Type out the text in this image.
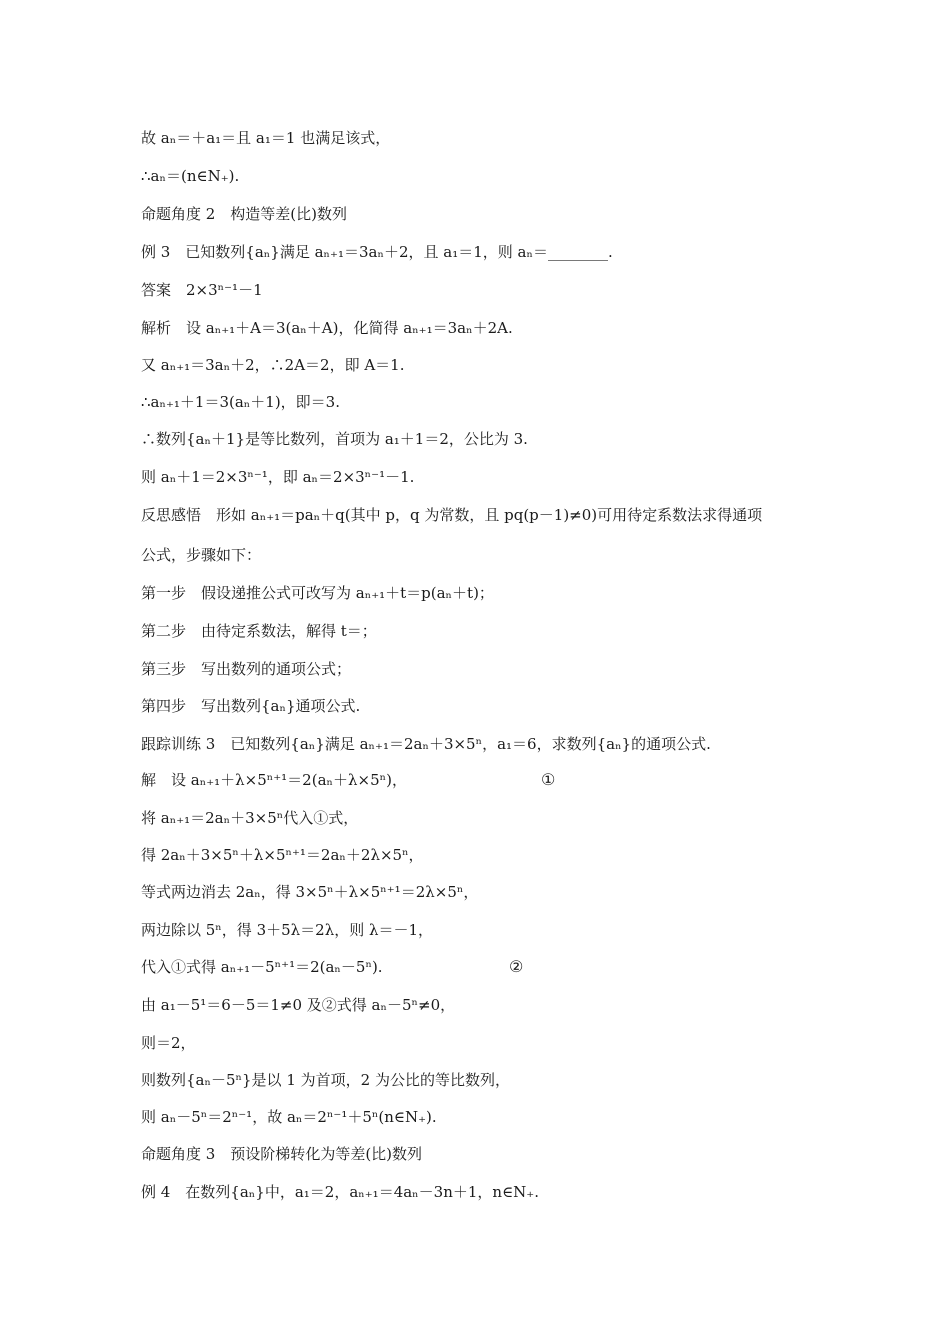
故 aₙ＝＋a₁＝且 a₁＝1 也满足该式，
∴aₙ＝(n∈N₊).
命题角度 2　构造等差(比)数列
例 3　已知数列{aₙ}满足 aₙ₊₁＝3aₙ＋2，且 a₁＝1，则 aₙ＝________.
答案　2×3ⁿ⁻¹－1
解析　设 aₙ₊₁＋A＝3(aₙ＋A)，化简得 aₙ₊₁＝3aₙ＋2A.
又 aₙ₊₁＝3aₙ＋2，∴2A＝2，即 A＝1.
∴aₙ₊₁＋1＝3(aₙ＋1)，即＝3.
∴数列{aₙ＋1}是等比数列，首项为 a₁＋1＝2，公比为 3.
则 aₙ＋1＝2×3ⁿ⁻¹，即 aₙ＝2×3ⁿ⁻¹－1.
反思感悟　形如 aₙ₊₁＝paₙ＋q(其中 p，q 为常数，且 pq(p－1)≠0)可用待定系数法求得通项
公式，步骤如下：
第一步　假设递推公式可改写为 aₙ₊₁＋t＝p(aₙ＋t)；
第二步　由待定系数法，解得 t＝；
第三步　写出数列的通项公式；
第四步　写出数列{aₙ}通项公式.
跟踪训练 3　已知数列{aₙ}满足 aₙ₊₁＝2aₙ＋3×5ⁿ，a₁＝6，求数列{aₙ}的通项公式.
解　设 aₙ₊₁＋λ×5ⁿ⁺¹＝2(aₙ＋λ×5ⁿ)，	①
将 aₙ₊₁＝2aₙ＋3×5ⁿ代入①式，
得 2aₙ＋3×5ⁿ＋λ×5ⁿ⁺¹＝2aₙ＋2λ×5ⁿ，
等式两边消去 2aₙ，得 3×5ⁿ＋λ×5ⁿ⁺¹＝2λ×5ⁿ，
两边除以 5ⁿ，得 3＋5λ＝2λ，则 λ＝－1，
代入①式得 aₙ₊₁－5ⁿ⁺¹＝2(aₙ－5ⁿ).	②
由 a₁－5¹＝6－5＝1≠0 及②式得 aₙ－5ⁿ≠0，
则＝2，
则数列{aₙ－5ⁿ}是以 1 为首项，2 为公比的等比数列，
则 aₙ－5ⁿ＝2ⁿ⁻¹，故 aₙ＝2ⁿ⁻¹＋5ⁿ(n∈N₊).
命题角度 3　预设阶梯转化为等差(比)数列
例 4　在数列{aₙ}中，a₁＝2，aₙ₊₁＝4aₙ－3n＋1，n∈N₊.
